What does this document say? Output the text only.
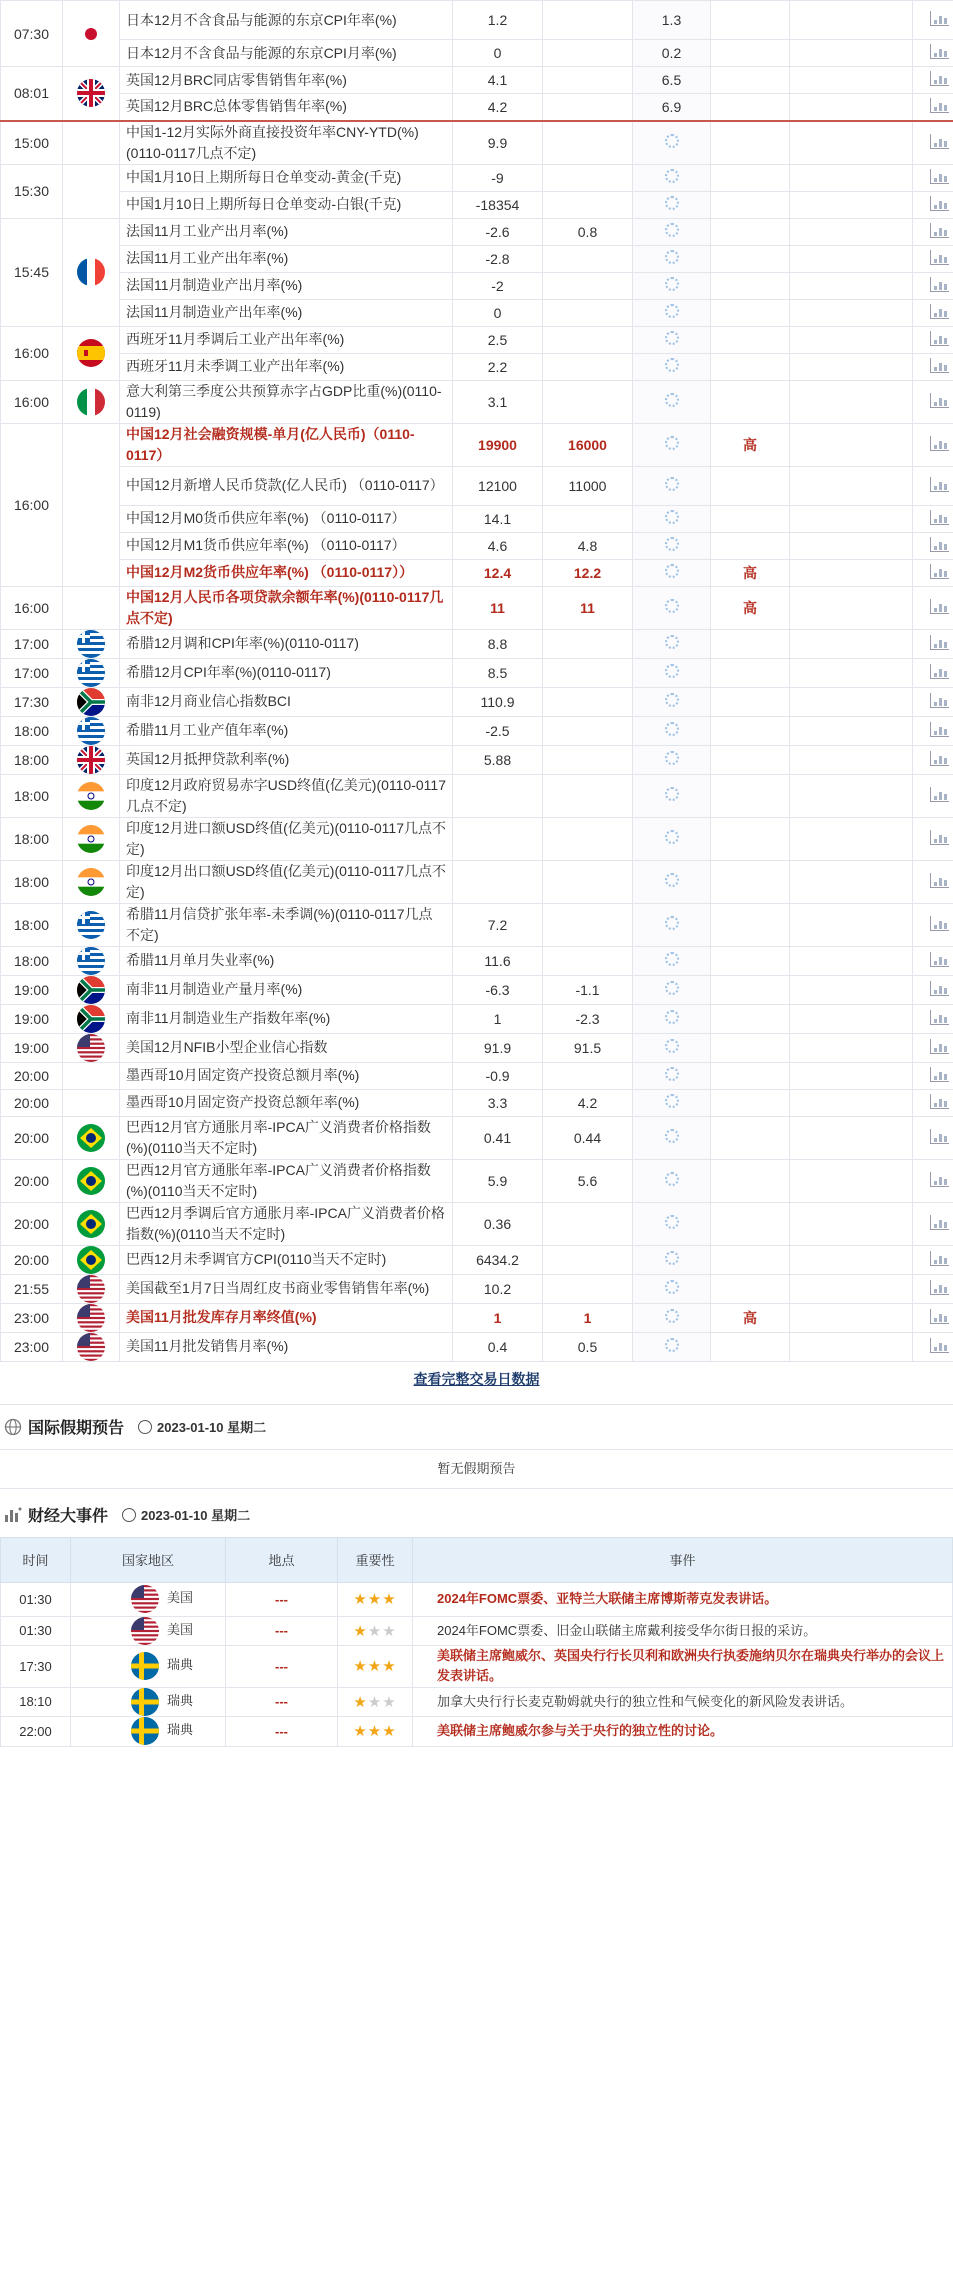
07:30		日本12月不含食品与能源的东京CPI年率(%)	1.2		1.3			

		日本12月不含食品与能源的东京CPI月率(%)	0		0.2			

08:01		英国12月BRC同店零售销售年率(%)	4.1		6.5			

		英国12月BRC总体零售销售年率(%)	4.2		6.9			

15:00		中国1-12月实际外商直接投资年率CNY-YTD(%)(0110-0117几点不定)	9.9					

15:30		中国1月10日上期所每日仓单变动-黄金(千克)	-9					

		中国1月10日上期所每日仓单变动-白银(千克)	-18354					

15:45		法国11月工业产出月率(%)	-2.6	0.8				

		法国11月工业产出年率(%)	-2.8					

		法国11月制造业产出月率(%)	-2					

		法国11月制造业产出年率(%)	0					

16:00		西班牙11月季调后工业产出年率(%)	2.5					

		西班牙11月未季调工业产出年率(%)	2.2					

16:00		意大利第三季度公共预算赤字占GDP比重(%)(0110-0119)	3.1					

16:00		中国12月社会融资规模-单月(亿人民币)（0110-0117）	19900	16000		高		

		中国12月新增人民币贷款(亿人民币) （0110-0117）	12100	11000				

		中国12月M0货币供应年率(%) （0110-0117）	14.1					

		中国12月M1货币供应年率(%) （0110-0117）	4.6	4.8				

		中国12月M2货币供应年率(%) （0110-0117））	12.4	12.2		高		

16:00		中国12月人民币各项贷款余额年率(%)(0110-0117几点不定)	11	11		高		

17:00		希腊12月调和CPI年率(%)(0110-0117)	8.8					

17:00		希腊12月CPI年率(%)(0110-0117)	8.5					

17:30		南非12月商业信心指数BCI	110.9					

18:00		希腊11月工业产值年率(%)	-2.5					

18:00		英国12月抵押贷款利率(%)	5.88					

18:00		印度12月政府贸易赤字USD终值(亿美元)(0110-0117几点不定)						

18:00		印度12月进口额USD终值(亿美元)(0110-0117几点不定)						

18:00		印度12月出口额USD终值(亿美元)(0110-0117几点不定)						

18:00		希腊11月信贷扩张年率-未季调(%)(0110-0117几点不定)	7.2					

18:00		希腊11月单月失业率(%)	11.6					

19:00		南非11月制造业产量月率(%)	-6.3	-1.1				

19:00		南非11月制造业生产指数年率(%)	1	-2.3				

19:00		美国12月NFIB小型企业信心指数	91.9	91.5				

20:00		墨西哥10月固定资产投资总额月率(%)	-0.9					

20:00		墨西哥10月固定资产投资总额年率(%)	3.3	4.2				

20:00		巴西12月官方通胀月率-IPCA广义消费者价格指数(%)(0110当天不定时)	0.41	0.44				

20:00		巴西12月官方通胀年率-IPCA广义消费者价格指数(%)(0110当天不定时)	5.9	5.6				

20:00		巴西12月季调后官方通胀月率-IPCA广义消费者价格指数(%)(0110当天不定时)	0.36					

20:00		巴西12月未季调官方CPI(0110当天不定时)	6434.2					

21:55		美国截至1月7日当周红皮书商业零售销售年率(%)	10.2					

23:00		美国11月批发库存月率终值(%)	1	1		高		

23:00		美国11月批发销售月率(%)	0.4	0.5				
查看完整交易日数据
国际假期预告	2023-01-10 星期二
暂无假期预告
财经大事件	2023-01-10 星期二
时间	国家地区	地点	重要性	事件
01:30	美国	---	★★★	2024年FOMC票委、亚特兰大联储主席博斯蒂克发表讲话。
01:30	美国	---	★★★	2024年FOMC票委、旧金山联储主席戴利接受华尔街日报的采访。
17:30	瑞典	---	★★★	美联储主席鲍威尔、英国央行行长贝利和欧洲央行执委施纳贝尔在瑞典央行举办的会议上发表讲话。
18:10	瑞典	---	★★★	加拿大央行行长麦克勒姆就央行的独立性和气候变化的新风险发表讲话。
22:00	瑞典	---	★★★	美联储主席鲍威尔参与关于央行的独立性的讨论。
